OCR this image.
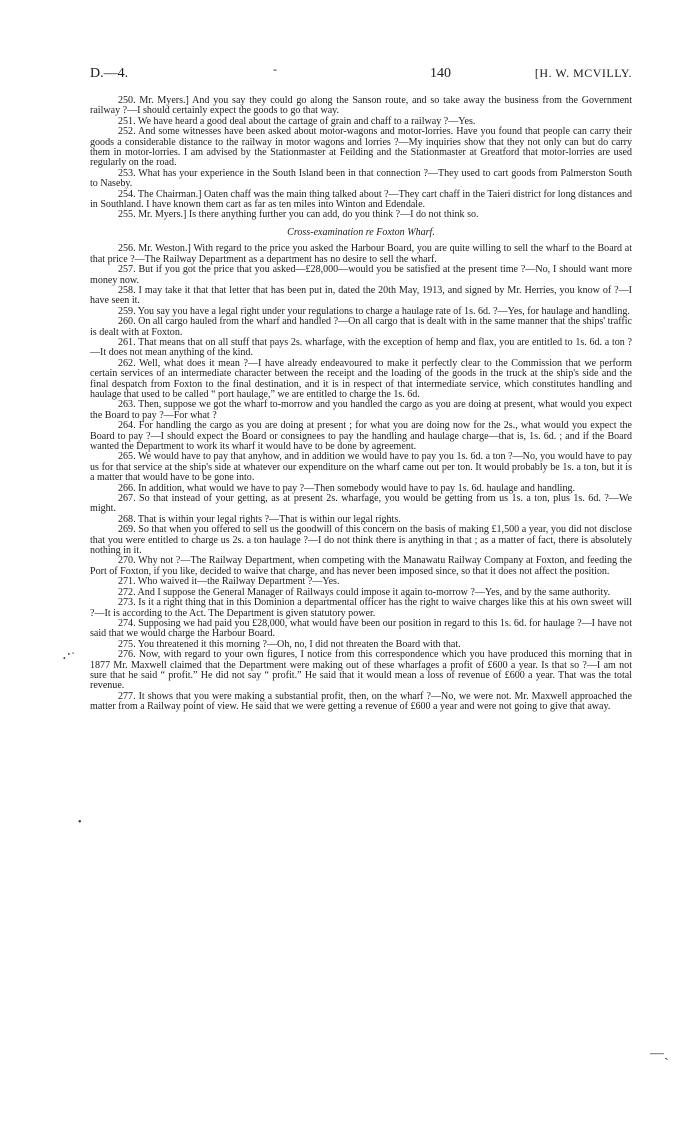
D.—4.	-	140	[H. W. MCVILLY.

250. Mr. Myers.] And you say they could go along the Sanson route, and so take away the business from the Government railway ?—I should certainly expect the goods to go that way.

251. We have heard a good deal about the cartage of grain and chaff to a railway ?—Yes.

252. And some witnesses have been asked about motor-wagons and motor-lorries. Have you found that people can carry their goods a considerable distance to the railway in motor wagons and lorries ?—My inquiries show that they not only can but do carry them in motor-lorries. I am advised by the Stationmaster at Feilding and the Stationmaster at Greatford that motor-lorries are used regularly on the road.

253. What has your experience in the South Island been in that connection ?—They used to cart goods from Palmerston South to Naseby.

254. The Chairman.] Oaten chaff was the main thing talked about ?—They cart chaff in the Taieri district for long distances and in Southland. I have known them cart as far as ten miles into Winton and Edendale.

255. Mr. Myers.] Is there anything further you can add, do you think ?—I do not think so.

Cross-examination re Foxton Wharf.

256. Mr. Weston.] With regard to the price you asked the Harbour Board, you are quite willing to sell the wharf to the Board at that price ?—The Railway Department as a department has no desire to sell the wharf.

257. But if you got the price that you asked—£28,000—would you be satisfied at the present time ?—No, I should want more money now.

258. I may take it that that letter that has been put in, dated the 20th May, 1913, and signed by Mr. Herries, you know of ?—I have seen it.

259. You say you have a legal right under your regulations to charge a haulage rate of 1s. 6d. ?—Yes, for haulage and handling.

260. On all cargo hauled from the wharf and handled ?—On all cargo that is dealt with in the same manner that the ships' traffic is dealt with at Foxton.

261. That means that on all stuff that pays 2s. wharfage, with the exception of hemp and flax, you are entitled to 1s. 6d. a ton ?—It does not mean anything of the kind.

262. Well, what does it mean ?—I have already endeavoured to make it perfectly clear to the Commission that we perform certain services of an intermediate character between the receipt and the loading of the goods in the truck at the ship's side and the final despatch from Foxton to the final destination, and it is in respect of that intermediate service, which constitutes handling and haulage that used to be called “ port haulage,” we are entitled to charge the 1s. 6d.

263. Then, suppose we got the wharf to-morrow and you handled the cargo as you are doing at present, what would you expect the Board to pay ?—For what ?

264. For handling the cargo as you are doing at present ; for what you are doing now for the 2s., what would you expect the Board to pay ?—I should expect the Board or consignees to pay the handling and haulage charge—that is, 1s. 6d. ; and if the Board wanted the Department to work its wharf it would have to be done by agreement.

265. We would have to pay that anyhow, and in addition we would have to pay you 1s. 6d. a ton ?—No, you would have to pay us for that service at the ship's side at whatever our expenditure on the wharf came out per ton. It would probably be 1s. a ton, but it is a matter that would have to be gone into.

266. In addition, what would we have to pay ?—Then somebody would have to pay 1s. 6d. haulage and handling.

267. So that instead of your getting, as at present 2s. wharfage, you would be getting from us 1s. a ton, plus 1s. 6d. ?—We might.

268. That is within your legal rights ?—That is within our legal rights.

269. So that when you offered to sell us the goodwill of this concern on the basis of making £1,500 a year, you did not disclose that you were entitled to charge us 2s. a ton haulage ?—I do not think there is anything in that ; as a matter of fact, there is absolutely nothing in it.

270. Why not ?—The Railway Department, when competing with the Manawatu Railway Company at Foxton, and feeding the Port of Foxton, if you like, decided to waive that charge, and has never been imposed since, so that it does not affect the position.

271. Who waived it—the Railway Department ?—Yes.

272. And I suppose the General Manager of Railways could impose it again to-morrow ?—Yes, and by the same authority.

273. Is it a right thing that in this Dominion a departmental officer has the right to waive charges like this at his own sweet will ?—It is according to the Act. The Department is given statutory power.

274. Supposing we had paid you £28,000, what would have been our position in regard to this 1s. 6d. for haulage ?—I have not said that we would charge the Harbour Board.

275. You threatened it this morning ?—Oh, no, I did not threaten the Board with that.

276. Now, with regard to your own figures, I notice from this correspondence which you have produced this morning that in 1877 Mr. Maxwell claimed that the Department were making out of these wharfages a profit of £600 a year. Is that so ?—I am not sure that he said “ profit.” He did not say “ profit.” He said that it would mean a loss of revenue of £600 a year. That was the total revenue.

277. It shows that you were making a substantial profit, then, on the wharf ?—No, we were not. Mr. Maxwell approached the matter from a Railway point of view. He said that we were getting a revenue of £600 a year and were not going to give that away.

․‧ˑ
•
—ˎ
